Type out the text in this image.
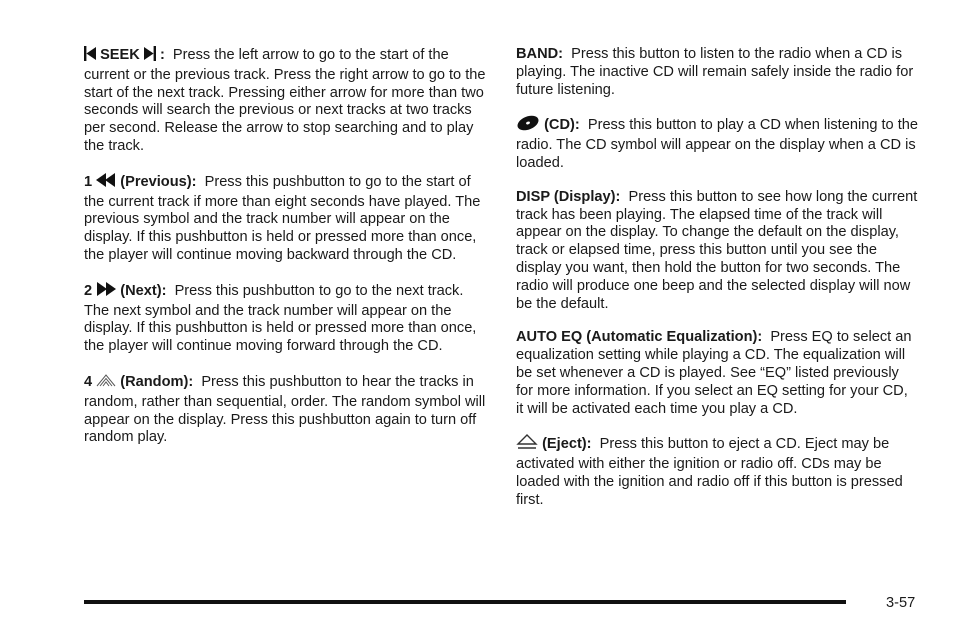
SEEK : Press the left arrow to go to the start of the current or the previous track. Press the right arrow to go to the start of the next track. Pressing either arrow for more than two seconds will search the previous or next tracks at two tracks per second. Release the arrow to stop searching and to play the track.

1 (Previous): Press this pushbutton to go to the start of the current track if more than eight seconds have played. The previous symbol and the track number will appear on the display. If this pushbutton is held or pressed more than once, the player will continue moving backward through the CD.

2 (Next): Press this pushbutton to go to the next track. The next symbol and the track number will appear on the display. If this pushbutton is held or pressed more than once, the player will continue moving forward through the CD.

4 (Random): Press this pushbutton to hear the tracks in random, rather than sequential, order. The random symbol will appear on the display. Press this pushbutton again to turn off random play.

BAND: Press this button to listen to the radio when a CD is playing. The inactive CD will remain safely inside the radio for future listening.

(CD): Press this button to play a CD when listening to the radio. The CD symbol will appear on the display when a CD is loaded.

DISP (Display): Press this button to see how long the current track has been playing. The elapsed time of the track will appear on the display. To change the default on the display, track or elapsed time, press this button until you see the display you want, then hold the button for two seconds. The radio will produce one beep and the selected display will now be the default.

AUTO EQ (Automatic Equalization): Press EQ to select an equalization setting while playing a CD. The equalization will be set whenever a CD is played. See “EQ” listed previously for more information. If you select an EQ setting for your CD, it will be activated each time you play a CD.

(Eject): Press this button to eject a CD. Eject may be activated with either the ignition or radio off. CDs may be loaded with the ignition and radio off if this button is pressed first.

3-57
